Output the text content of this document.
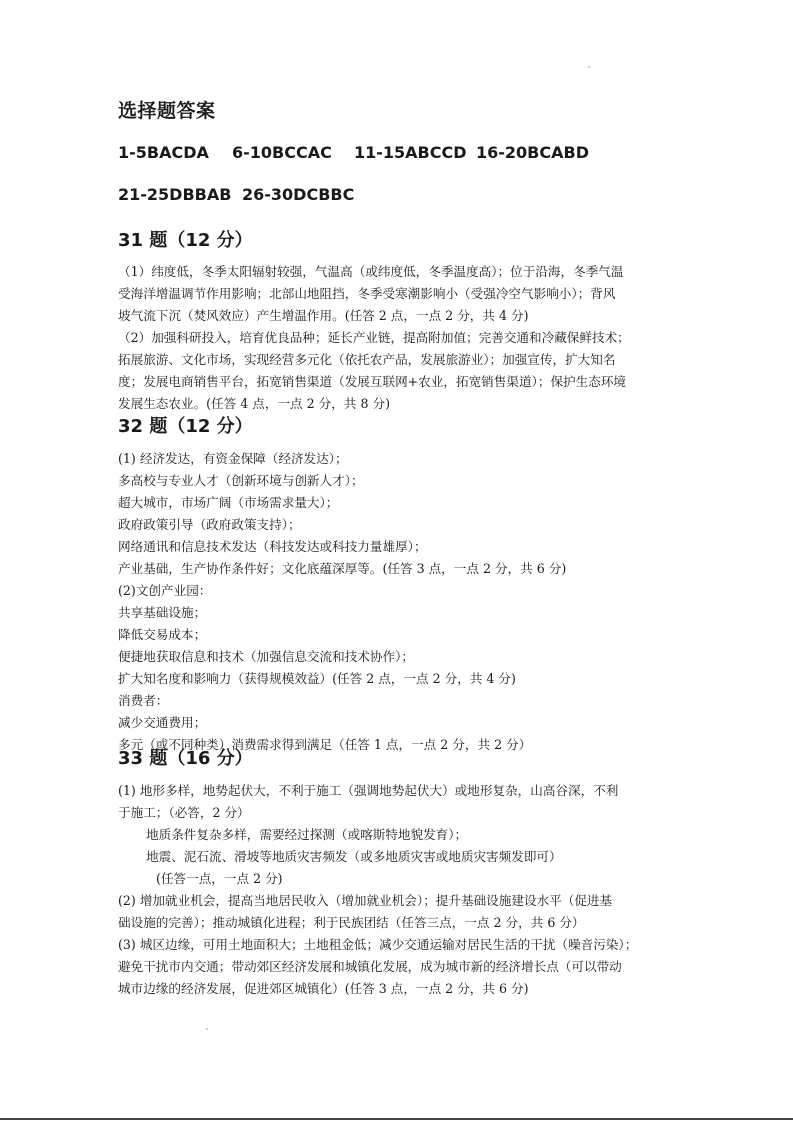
选择题答案
1-5BACDA 6-10BCCAC 11-15ABCCD 16-20BCABD
21-25DBBAB 26-30DCBBC
31 题（12 分）
（1）纬度低，冬季太阳辐射较强，气温高（或纬度低，冬季温度高）；位于沿海，冬季气温
受海洋增温调节作用影响；北部山地阻挡，冬季受寒潮影响小（受强冷空气影响小）；背风
坡气流下沉（焚风效应）产生增温作用。(任答 2 点，一点 2 分，共 4 分)
（2）加强科研投入，培育优良品种；延长产业链，提高附加值；完善交通和冷藏保鲜技术；
拓展旅游、文化市场，实现经营多元化（依托农产品，发展旅游业）；加强宣传，扩大知名
度；发展电商销售平台，拓宽销售渠道（发展互联网+农业，拓宽销售渠道）；保护生态环境
发展生态农业。(任答 4 点，一点 2 分，共 8 分)
32 题（12 分）
(1) 经济发达，有资金保障（经济发达）；
多高校与专业人才（创新环境与创新人才）；
超大城市，市场广阔（市场需求量大）；
政府政策引导（政府政策支持）；
网络通讯和信息技术发达（科技发达或科技力量雄厚）；
产业基础，生产协作条件好；文化底蕴深厚等。(任答 3 点，一点 2 分，共 6 分)
(2)文创产业园：
共享基础设施；
降低交易成本；
便捷地获取信息和技术（加强信息交流和技术协作）；
扩大知名度和影响力（获得规模效益）(任答 2 点，一点 2 分，共 4 分)
消费者：
减少交通费用；
多元（或不同种类）消费需求得到满足（任答 1 点，一点 2 分，共 2 分）
33 题（16 分）
(1) 地形多样，地势起伏大，不利于施工（强调地势起伏大）或地形复杂，山高谷深，不利
于施工；（必答，2 分）
地质条件复杂多样，需要经过探测（或喀斯特地貌发育）；
地震、泥石流、滑坡等地质灾害频发（或多地质灾害或地质灾害频发即可）
(任答一点，一点 2 分)
(2) 增加就业机会，提高当地居民收入（增加就业机会）；提升基础设施建设水平（促进基
础设施的完善）；推动城镇化进程；利于民族团结（任答三点，一点 2 分，共 6 分）
(3) 城区边缘，可用土地面积大；土地租金低；减少交通运输对居民生活的干扰（噪音污染）；
避免干扰市内交通；带动郊区经济发展和城镇化发展，成为城市新的经济增长点（可以带动
城市边缘的经济发展，促进郊区城镇化）(任答 3 点，一点 2 分，共 6 分)
